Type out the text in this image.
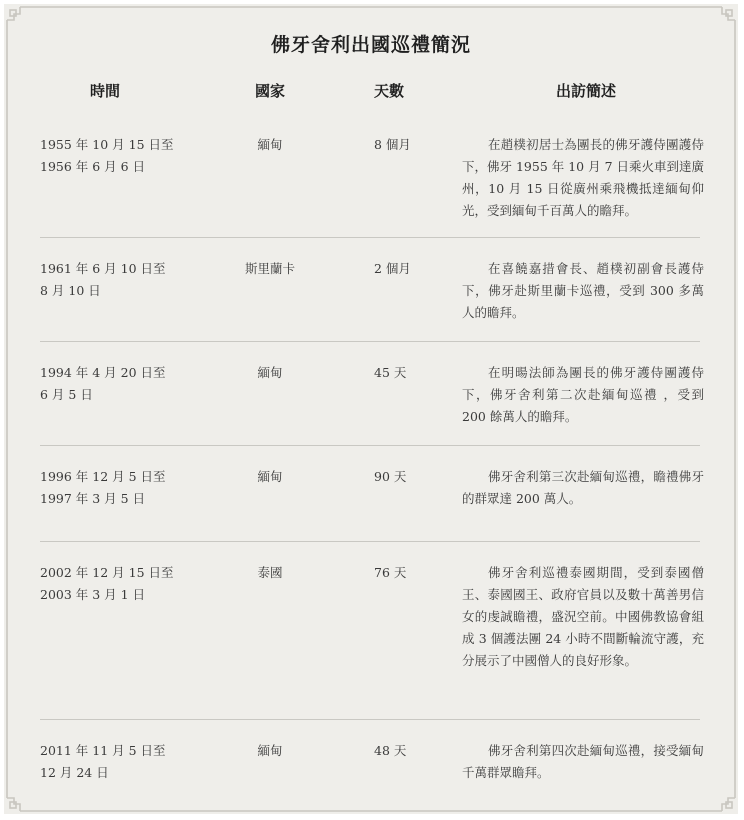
佛牙舍利出國巡禮簡況
時間	國家	天數	出訪簡述
1955 年 10 月 15 日至
1956 年 6 月 6 日
緬甸	8 個月	在趙樸初居士為團長的佛牙護侍團護侍下，佛牙 1955 年 10 月 7 日乘火車到達廣州，10 月 15 日從廣州乘飛機抵達緬甸仰光，受到緬甸千百萬人的瞻拜。
1961 年 6 月 10 日至
8 月 10 日
斯里蘭卡	2 個月	在喜饒嘉措會長、趙樸初副會長護侍下，佛牙赴斯里蘭卡巡禮，受到 300 多萬人的瞻拜。
1994 年 4 月 20 日至
6 月 5 日
緬甸	45 天	在明暘法師為團長的佛牙護侍團護侍下，佛牙舍利第二次赴緬甸巡禮 ，受到 200 餘萬人的瞻拜。
1996 年 12 月 5 日至
1997 年 3 月 5 日
緬甸	90 天	佛牙舍利第三次赴緬甸巡禮，瞻禮佛牙的群眾達 200 萬人。
2002 年 12 月 15 日至
2003 年 3 月 1 日
泰國	76 天	佛牙舍利巡禮泰國期間，受到泰國僧王、泰國國王、政府官員以及數十萬善男信女的虔誠瞻禮，盛況空前。中國佛教協會組成 3 個護法團 24 小時不間斷輪流守護，充分展示了中國僧人的良好形象。
2011 年 11 月 5 日至
12 月 24 日
緬甸	48 天	佛牙舍利第四次赴緬甸巡禮，接受緬甸千萬群眾瞻拜。
